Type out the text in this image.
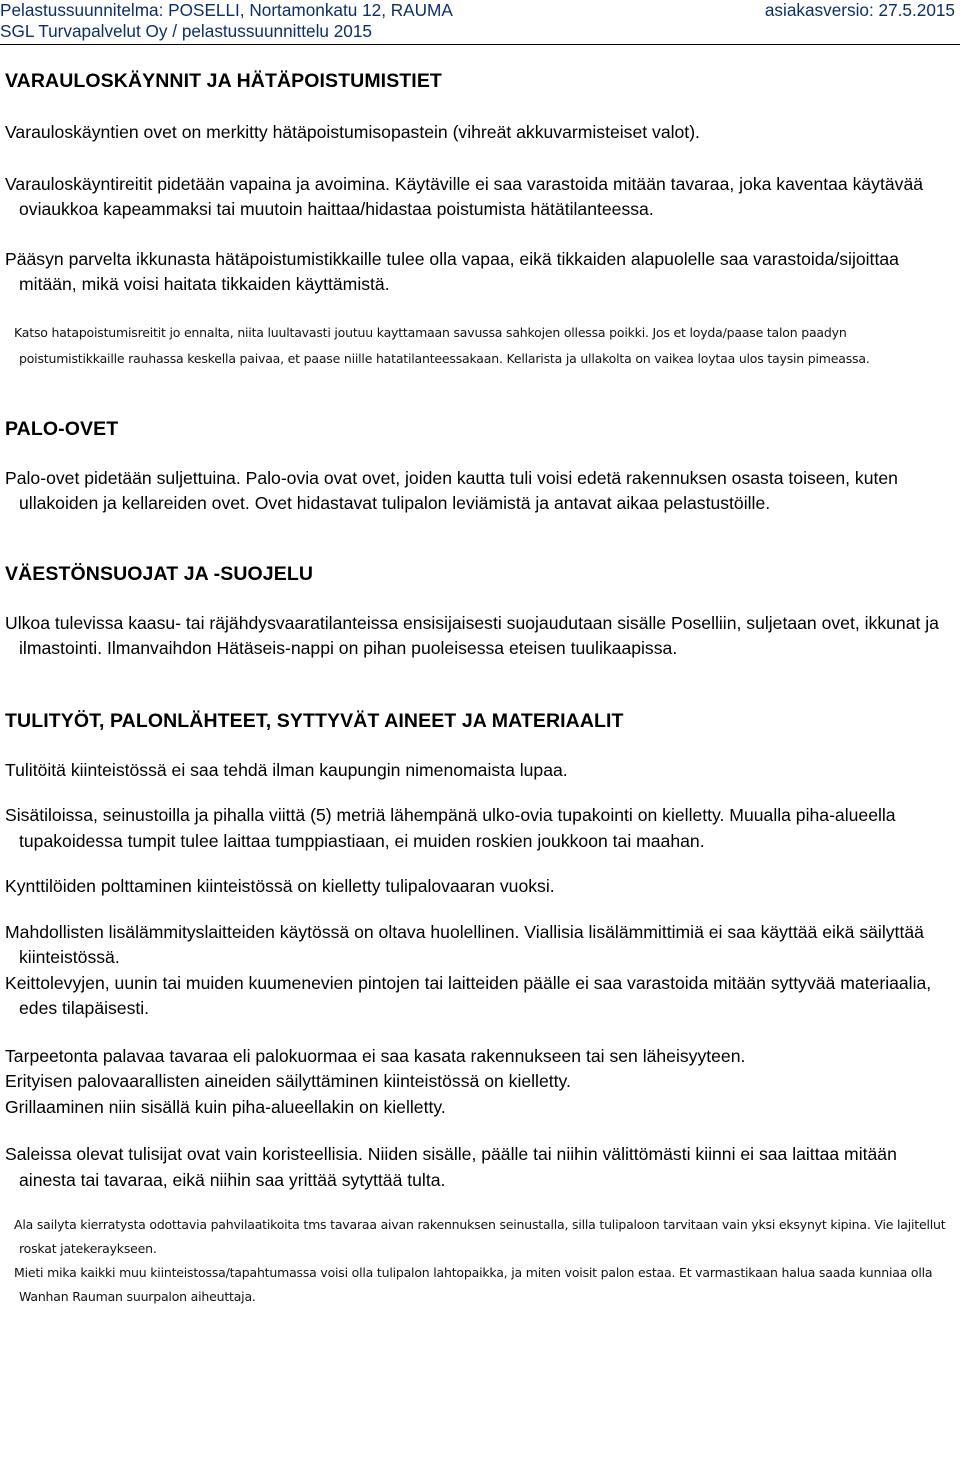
Pelastussuunnitelma: POSELLI, Nortamonkatu 12, RAUMA	asiakasversio: 27.5.2015
SGL Turvapalvelut Oy / pelastussuunnittelu 2015
VARAULOSKÄYNNIT JA HÄTÄPOISTUMISTIET

Varauloskäyntien ovet on merkitty hätäpoistumisopastein (vihreät akkuvarmisteiset valot).

Varauloskäyntireitit pidetään vapaina ja avoimina. Käytäville ei saa varastoida mitään tavaraa, joka kaventaa käytävää oviaukkoa kapeammaksi tai muutoin haittaa/hidastaa poistumista hätätilanteessa.

Pääsyn parvelta ikkunasta hätäpoistumistikkaille tulee olla vapaa, eikä tikkaiden alapuolelle saa varastoida/sijoittaa mitään, mikä voisi haitata tikkaiden käyttämistä.

Katso hatapoistumisreitit jo ennalta, niita luultavasti joutuu kayttamaan savussa sahkojen ollessa poikki. Jos et loyda/paase talon paadyn poistumistikkaille rauhassa keskella paivaa, et paase niille hatatilanteessakaan. Kellarista ja ullakolta on vaikea loytaa ulos taysin pimeassa.

PALO-OVET

Palo-ovet pidetään suljettuina. Palo-ovia ovat ovet, joiden kautta tuli voisi edetä rakennuksen osasta toiseen, kuten ullakoiden ja kellareiden ovet. Ovet hidastavat tulipalon leviämistä ja antavat aikaa pelastustöille.

VÄESTÖNSUOJAT JA -SUOJELU

Ulkoa tulevissa kaasu- tai räjähdysvaaratilanteissa ensisijaisesti suojaudutaan sisälle Poselliin, suljetaan ovet, ikkunat ja ilmastointi. Ilmanvaihdon Hätäseis-nappi on pihan puoleisessa eteisen tuulikaapissa.

TULITYÖT, PALONLÄHTEET, SYTTYVÄT AINEET JA MATERIAALIT

Tulitöitä kiinteistössä ei saa tehdä ilman kaupungin nimenomaista lupaa.

Sisätiloissa, seinustoilla ja pihalla viittä (5) metriä lähempänä ulko-ovia tupakointi on kielletty. Muualla piha-alueella tupakoidessa tumpit tulee laittaa tumppiastiaan, ei muiden roskien joukkoon tai maahan.

Kynttilöiden polttaminen kiinteistössä on kielletty tulipalovaaran vuoksi.

Mahdollisten lisälämmityslaitteiden käytössä on oltava huolellinen. Viallisia lisälämmittimiä ei saa käyttää eikä säilyttää kiinteistössä.

Keittolevyjen, uunin tai muiden kuumenevien pintojen tai laitteiden päälle ei saa varastoida mitään syttyvää materiaalia, edes tilapäisesti.

Tarpeetonta palavaa tavaraa eli palokuormaa ei saa kasata rakennukseen tai sen läheisyyteen.

Erityisen palovaarallisten aineiden säilyttäminen kiinteistössä on kielletty.

Grillaaminen niin sisällä kuin piha-alueellakin on kielletty.

Saleissa olevat tulisijat ovat vain koristeellisia. Niiden sisälle, päälle tai niihin välittömästi kiinni ei saa laittaa mitään ainesta tai tavaraa, eikä niihin saa yrittää sytyttää tulta.

Ala sailyta kierratysta odottavia pahvilaatikoita tms tavaraa aivan rakennuksen seinustalla, silla tulipaloon tarvitaan vain yksi eksynyt kipina. Vie lajitellut roskat jatekeraykseen.

Mieti mika kaikki muu kiinteistossa/tapahtumassa voisi olla tulipalon lahtopaikka, ja miten voisit palon estaa. Et varmastikaan halua saada kunniaa olla Wanhan Rauman suurpalon aiheuttaja.
